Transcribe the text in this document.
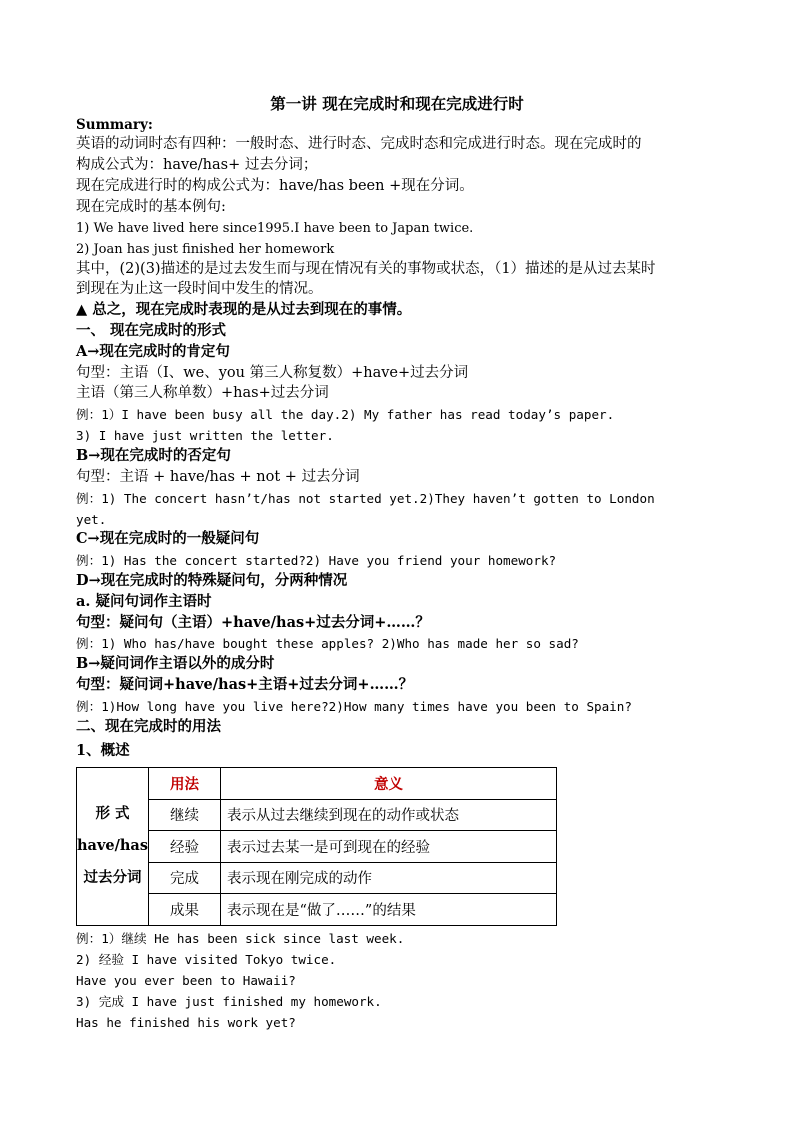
第一讲 现在完成时和现在完成进行时
Summary:
英语的动词时态有四种：一般时态、进行时态、完成时态和完成进行时态。现在完成时的
构成公式为：have/has+ 过去分词；
现在完成进行时的构成公式为：have/has been +现在分词。
现在完成时的基本例句:
1) We have lived here since1995.I have been to Japan twice.
2) Joan has just finished her homework
其中，(2)(3)描述的是过去发生而与现在情况有关的事物或状态，（1）描述的是从过去某时
到现在为止这一段时间中发生的情况。
▲ 总之，现在完成时表现的是从过去到现在的事情。
一、 现在完成时的形式
A→现在完成时的肯定句
句型：主语（I、we、you 第三人称复数）+have+过去分词
主语（第三人称单数）+has+过去分词
例：1）I have been busy all the day.2) My father has read today’s paper.
3) I have just written the letter.
B→现在完成时的否定句
句型：主语 + have/has + not + 过去分词
例：1) The concert hasn’t/has not started yet.2)They haven’t gotten to London
yet.
C→现在完成时的一般疑问句
例：1) Has the concert started?2) Have you friend your homework?
D→现在完成时的特殊疑问句，分两种情况
a. 疑问句词作主语时
句型：疑问句（主语）+have/has+过去分词+……？
例：1) Who has/have bought these apples? 2)Who has made her so sad?
B→疑问词作主语以外的成分时
句型：疑问词+have/has+主语+过去分词+……？
例：1)How long have you live here?2)How many times have you been to Spain?
二、现在完成时的用法
1、概述
形 式
have/has
过去分词	用法	意义
	继续	表示从过去继续到现在的动作或状态
	经验	表示过去某一是可到现在的经验
	完成	表示现在刚完成的动作
	成果	表示现在是“做了……”的结果
例：1）继续 He has been sick since last week.
2) 经验 I have visited Tokyo twice.
Have you ever been to Hawaii?
3) 完成 I have just finished my homework.
Has he finished his work yet?
